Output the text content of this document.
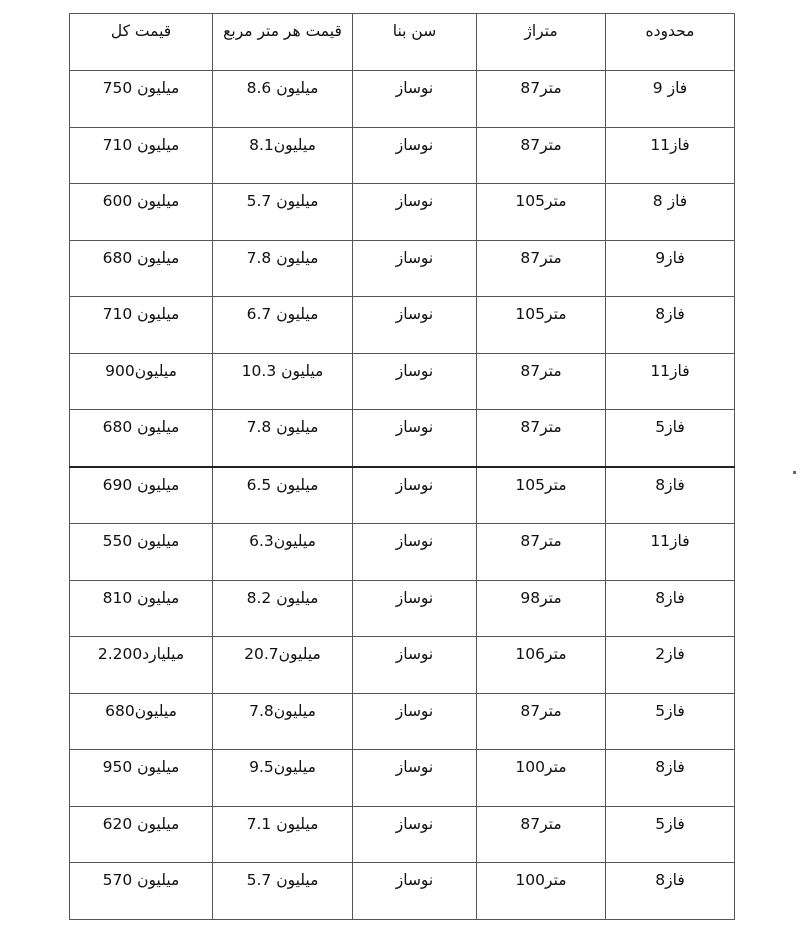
قیمت کل	قیمت هر متر مربع	سن بنا	متراژ	محدوده

750 میلیون	8.6 میلیون	نوساز	87متر	فاز 9

710 میلیون	8.1میلیون	نوساز	87متر	فاز11

600 میلیون	5.7 میلیون	نوساز	105متر	فاز 8

680 میلیون	7.8 میلیون	نوساز	87متر	فاز9

710 میلیون	6.7 میلیون	نوساز	105متر	فاز8

900میلیون	10.3 میلیون	نوساز	87متر	فاز11

680 میلیون	7.8 میلیون	نوساز	87متر	فاز5

690 میلیون	6.5 میلیون	نوساز	105متر	فاز8

550 میلیون	6.3میلیون	نوساز	87متر	فاز11

810 میلیون	8.2 میلیون	نوساز	98متر	فاز8

2.200میلیارد	20.7میلیون	نوساز	106متر	فاز2

680میلیون	7.8میلیون	نوساز	87متر	فاز5

950 میلیون	9.5میلیون	نوساز	100متر	فاز8

620 میلیون	7.1 میلیون	نوساز	87متر	فاز5

570 میلیون	5.7 میلیون	نوساز	100متر	فاز8
